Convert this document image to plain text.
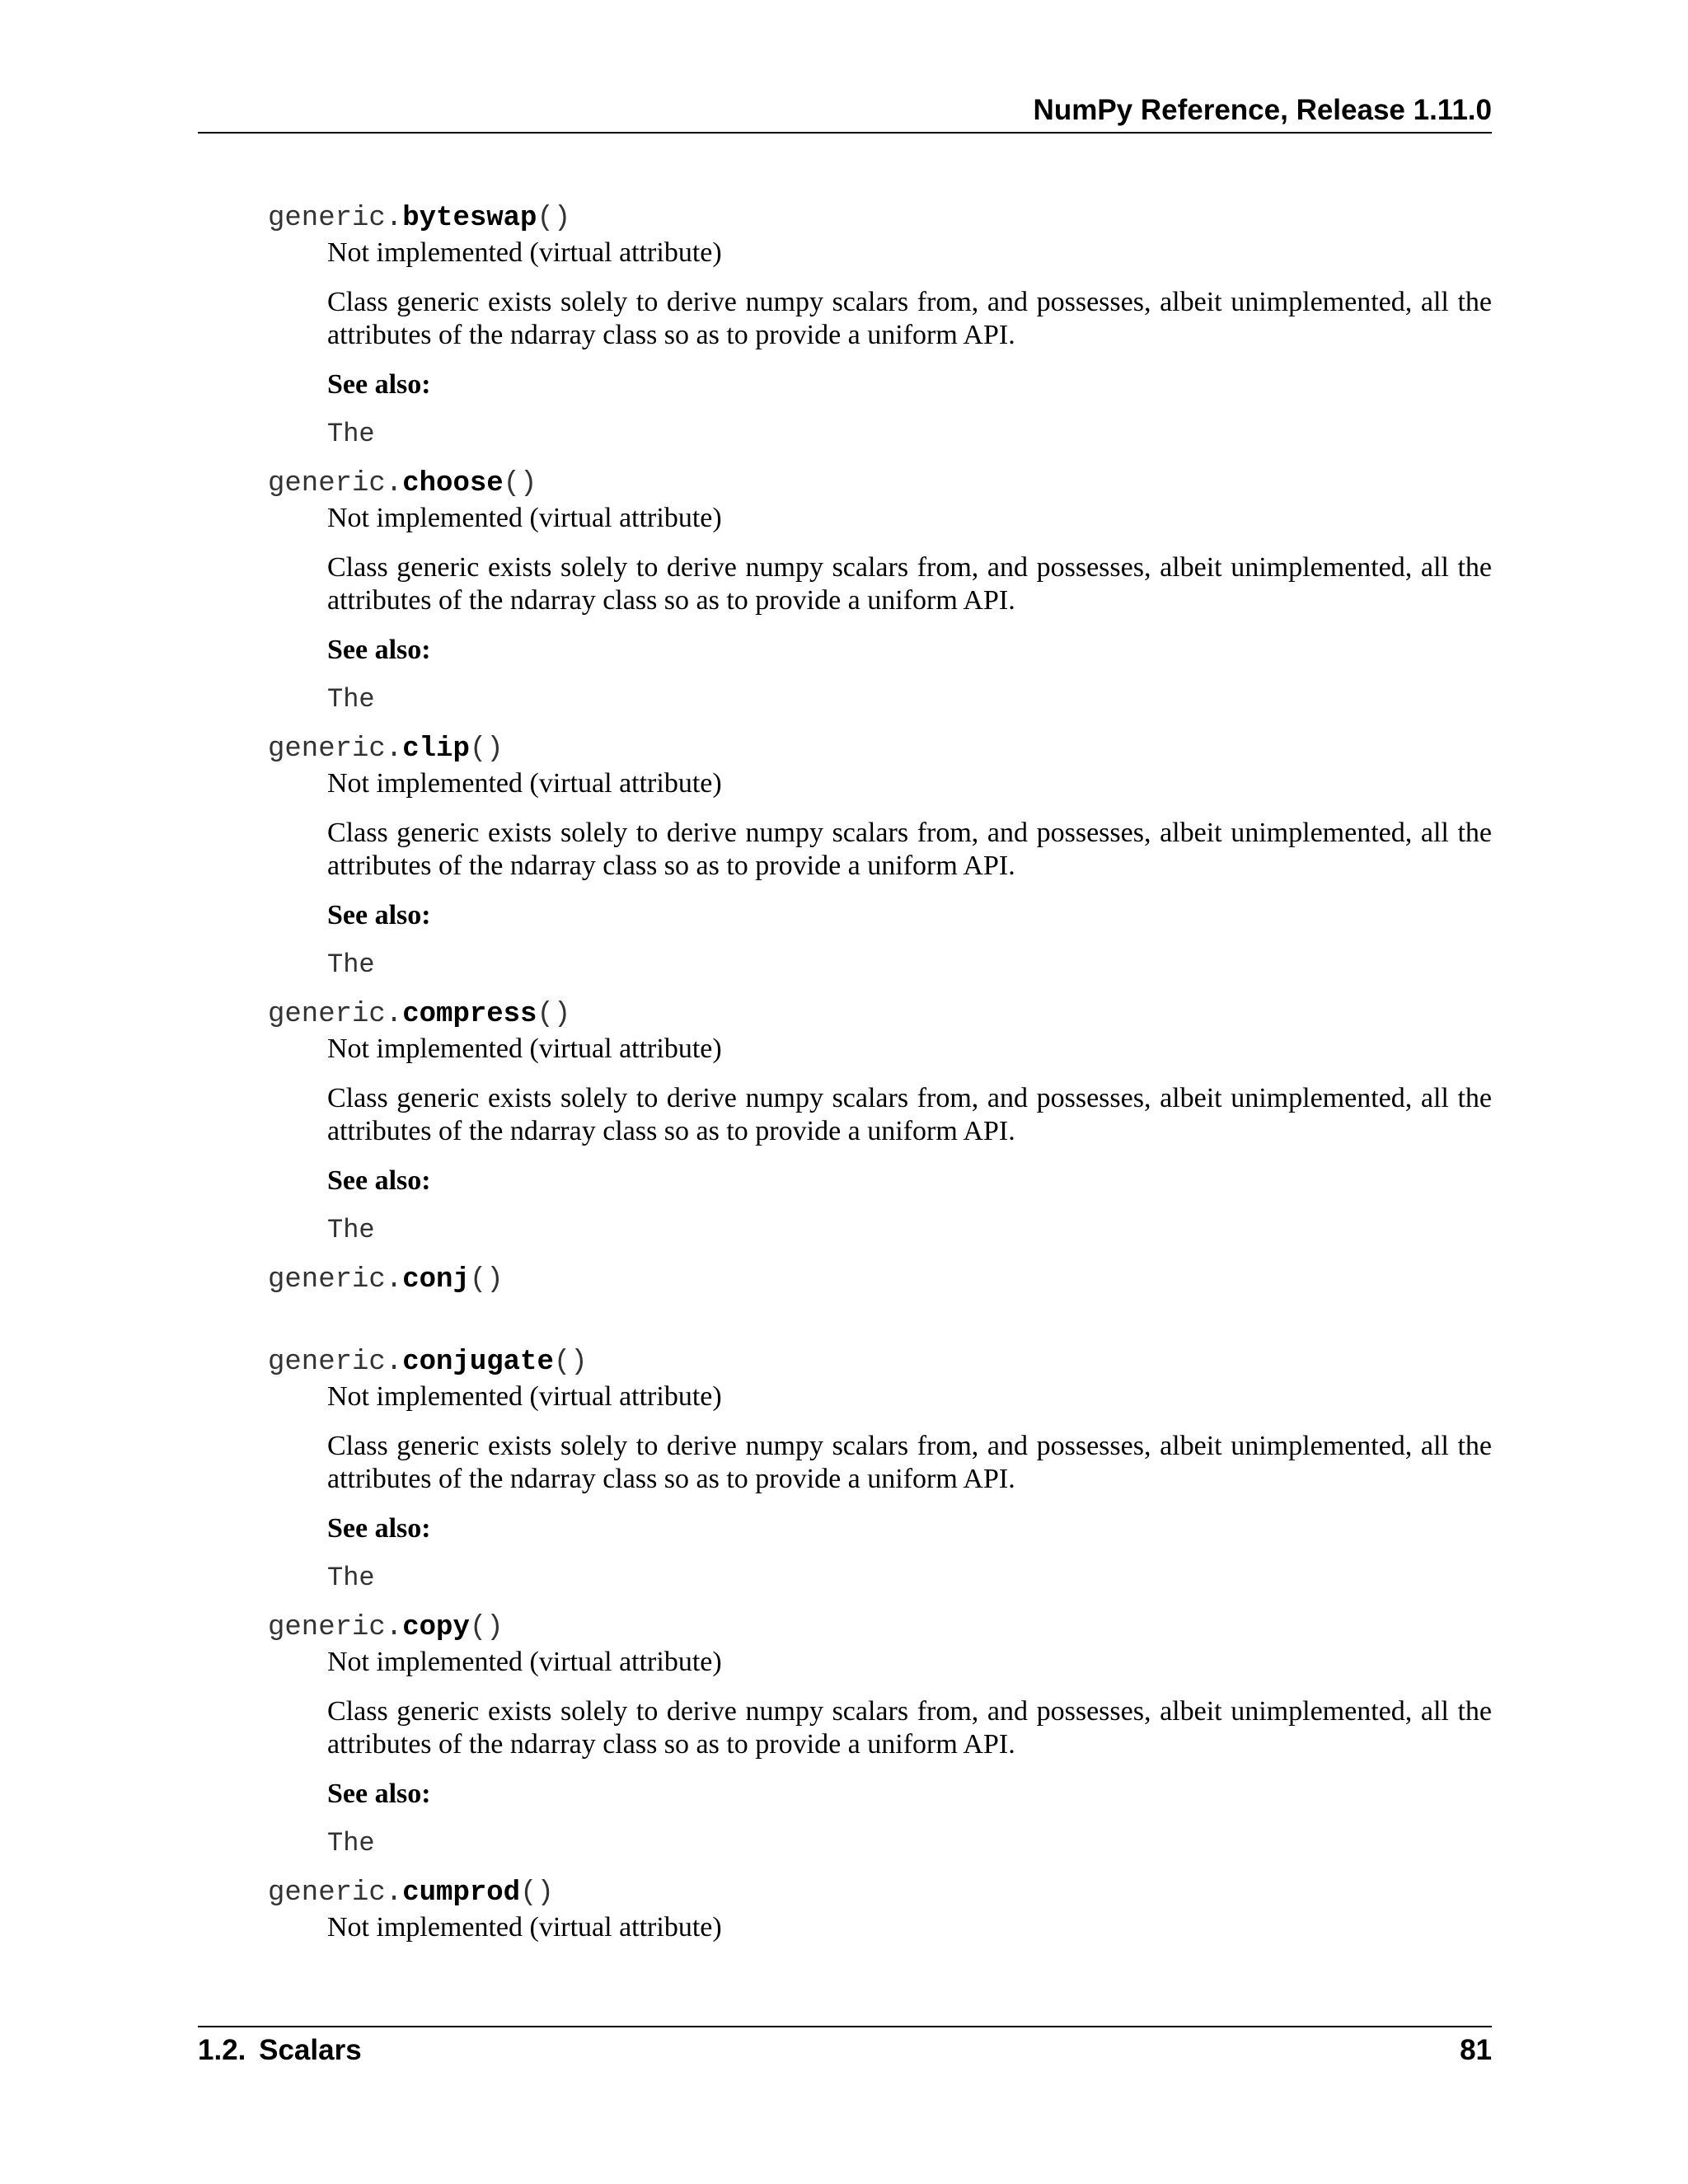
NumPy Reference, Release 1.11.0
generic.byteswap()

Not implemented (virtual attribute)

Class generic exists solely to derive numpy scalars from, and possesses, albeit unimplemented, all the attributes of the ndarray class so as to provide a uniform API.

See also:

The

generic.choose()

Not implemented (virtual attribute)

Class generic exists solely to derive numpy scalars from, and possesses, albeit unimplemented, all the attributes of the ndarray class so as to provide a uniform API.

See also:

The

generic.clip()

Not implemented (virtual attribute)

Class generic exists solely to derive numpy scalars from, and possesses, albeit unimplemented, all the attributes of the ndarray class so as to provide a uniform API.

See also:

The

generic.compress()

Not implemented (virtual attribute)

Class generic exists solely to derive numpy scalars from, and possesses, albeit unimplemented, all the attributes of the ndarray class so as to provide a uniform API.

See also:

The

generic.conj()
generic.conjugate()

Not implemented (virtual attribute)

Class generic exists solely to derive numpy scalars from, and possesses, albeit unimplemented, all the attributes of the ndarray class so as to provide a uniform API.

See also:

The

generic.copy()

Not implemented (virtual attribute)

Class generic exists solely to derive numpy scalars from, and possesses, albeit unimplemented, all the attributes of the ndarray class so as to provide a uniform API.

See also:

The

generic.cumprod()

Not implemented (virtual attribute)

1.2. Scalars	81
